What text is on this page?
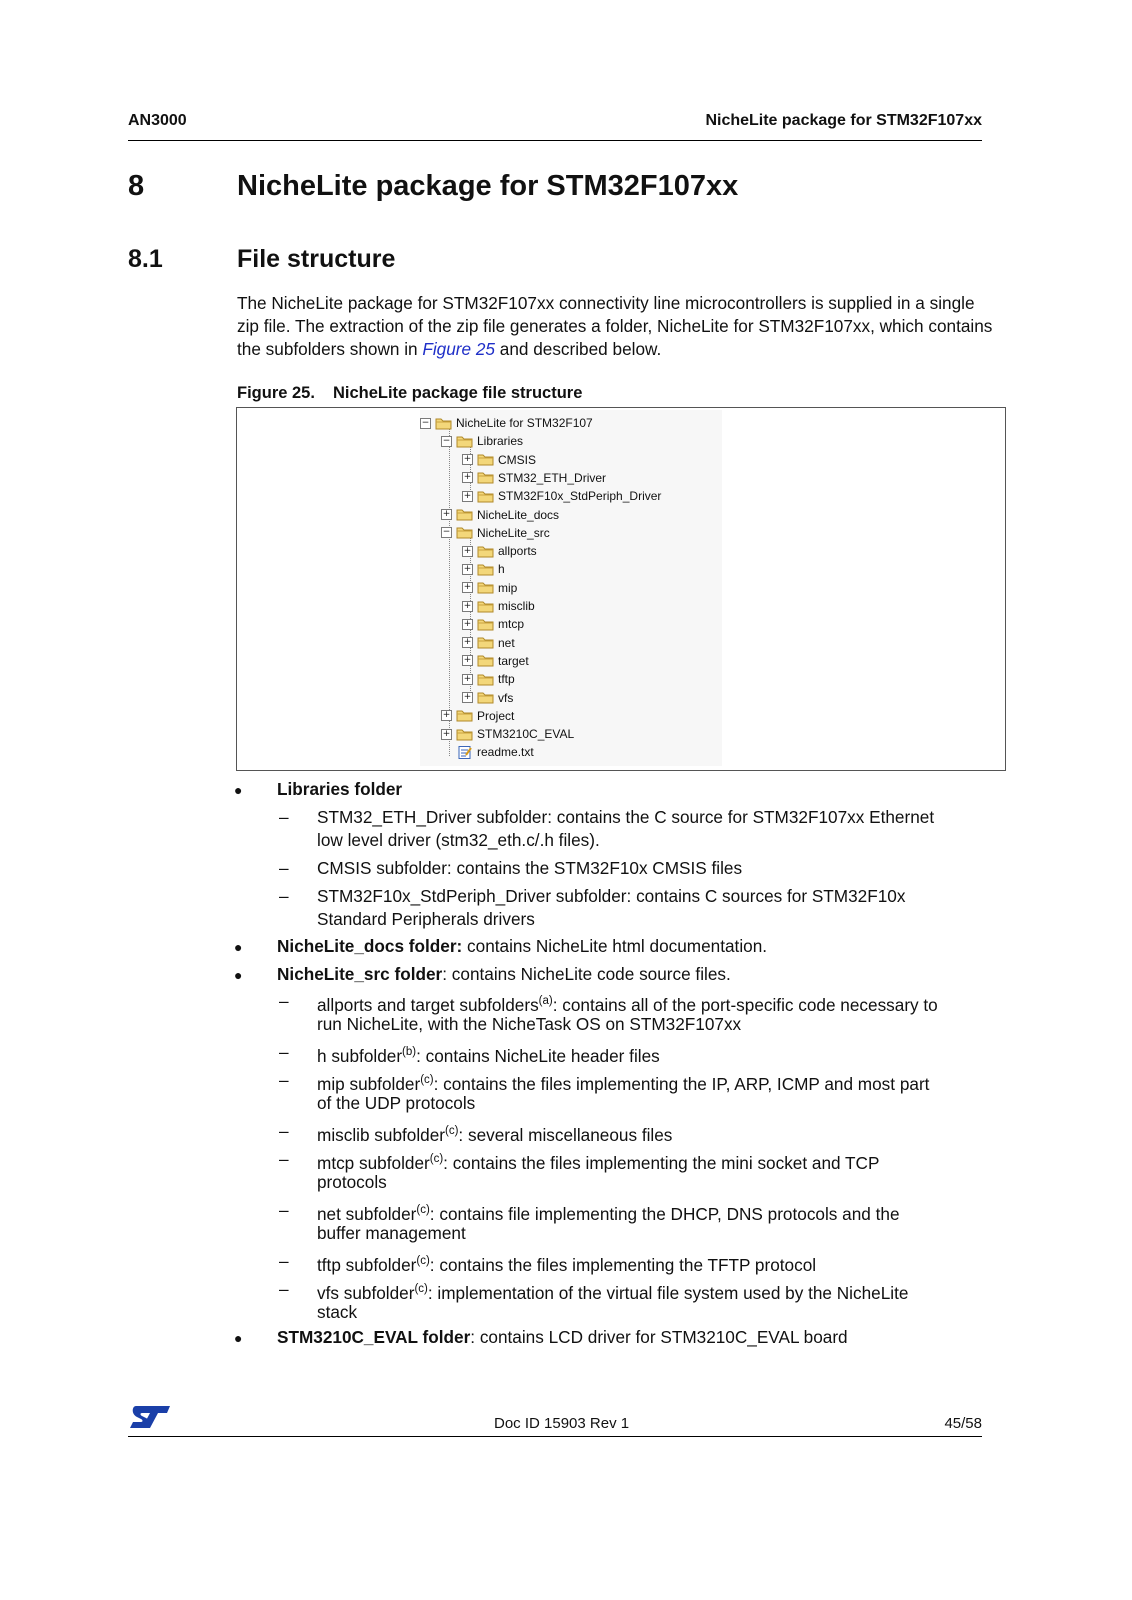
AN3000	NicheLite package for STM32F107xx
8	NicheLite package for STM32F107xx
8.1	File structure
The NicheLite package for STM32F107xx connectivity line microcontrollers is supplied in a single zip file. The extraction of the zip file generates a folder, NicheLite for STM32F107xx, which contains the subfolders shown in Figure 25 and described below.
Figure 25. NicheLite package file structure
− NicheLite for STM32F107
− Libraries
+ CMSIS
+ STM32_ETH_Driver
+ STM32F10x_StdPeriph_Driver
+ NicheLite_docs
− NicheLite_src
+ allports
+ h
+ mip
+ misclib
+ mtcp
+ net
+ target
+ tftp
+ vfs
+ Project
+ STM3210C_EVAL
readme.txt
● Libraries folder
– STM32_ETH_Driver subfolder: contains the C source for STM32F107xx Ethernet
low level driver (stm32_eth.c/.h files).
– CMSIS subfolder: contains the STM32F10x CMSIS files
– STM32F10x_StdPeriph_Driver subfolder: contains C sources for STM32F10x
Standard Peripherals drivers
● NicheLite_docs folder: contains NicheLite html documentation.
● NicheLite_src folder: contains NicheLite code source files.
– allports and target subfolders$^{(a)}$: contains all of the port-specific code necessary to
run NicheLite, with the NicheTask OS on STM32F107xx
– h subfolder$^{(b)}$: contains NicheLite header files
– mip subfolder$^{(c)}$: contains the files implementing the IP, ARP, ICMP and most part
of the UDP protocols
– misclib subfolder$^{(c)}$: several miscellaneous files
– mtcp subfolder$^{(c)}$: contains the files implementing the mini socket and TCP
protocols
– net subfolder$^{(c)}$: contains file implementing the DHCP, DNS protocols and the
buffer management
– tftp subfolder$^{(c)}$: contains the files implementing the TFTP protocol
– vfs subfolder$^{(c)}$: implementation of the virtual file system used by the NicheLite
stack
● STM3210C_EVAL folder: contains LCD driver for STM3210C_EVAL board
Doc ID 15903 Rev 1	45/58
